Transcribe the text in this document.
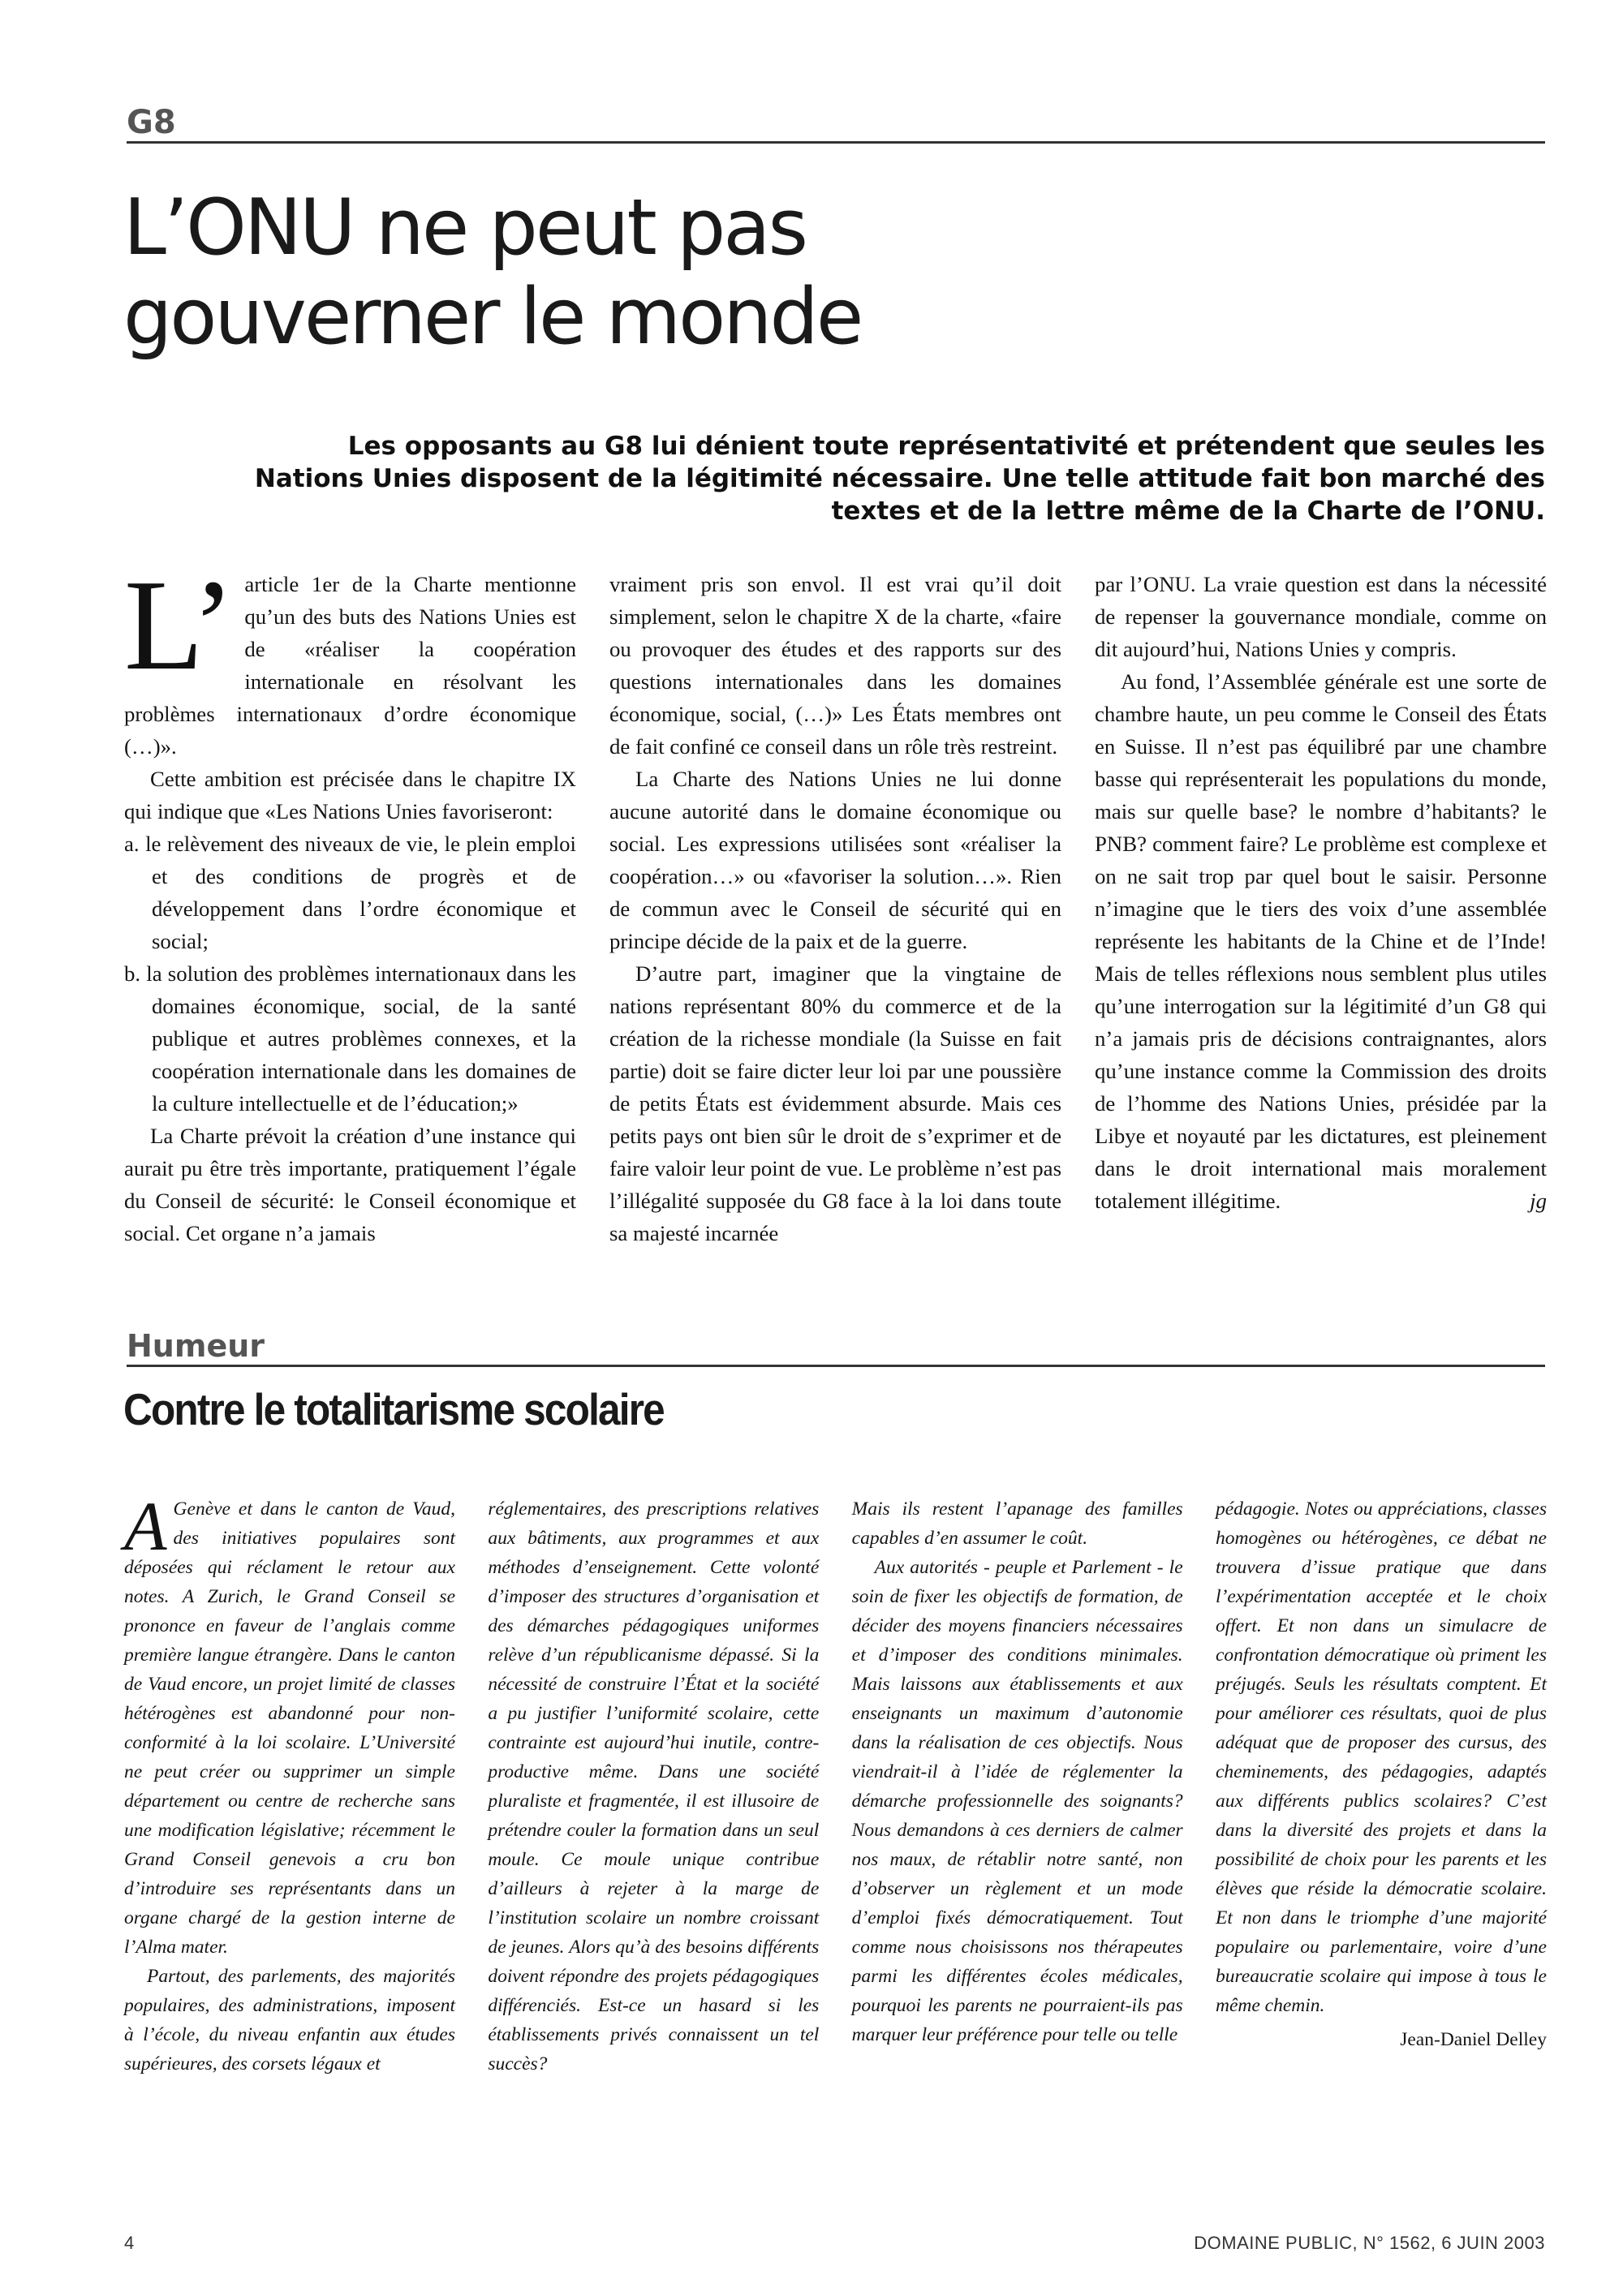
G8
L’ONU ne peut pas
gouverner le monde

Les opposants au G8 lui dénient toute représentativité et prétendent que seules les Nations Unies disposent de la légitimité nécessaire. Une telle attitude fait bon marché des textes et de la lettre même de la Charte de l’ONU.

L’ article 1er de la Charte mentionne qu’un des buts des Nations Unies est de «réaliser la coopération internationale en résolvant les problèmes internationaux d’ordre économique (…)».

Cette ambition est précisée dans le chapitre IX qui indique que «Les Nations Unies favoriseront:

a. le relèvement des niveaux de vie, le plein emploi et des conditions de progrès et de développement dans l’ordre économique et social;

b. la solution des problèmes internationaux dans les domaines économique, social, de la santé publique et autres problèmes connexes, et la coopération internationale dans les domaines de la culture intellectuelle et de l’éducation;»

La Charte prévoit la création d’une instance qui aurait pu être très importante, pratiquement l’égale du Conseil de sécurité: le Conseil économique et social. Cet organe n’a jamais

vraiment pris son envol. Il est vrai qu’il doit simplement, selon le chapitre X de la charte, «faire ou provoquer des études et des rapports sur des questions internationales dans les domaines économique, social, (…)» Les États membres ont de fait confiné ce conseil dans un rôle très restreint.

La Charte des Nations Unies ne lui donne aucune autorité dans le domaine économique ou social. Les expressions utilisées sont «réaliser la coopération…» ou «favoriser la solution…». Rien de commun avec le Conseil de sécurité qui en principe décide de la paix et de la guerre.

D’autre part, imaginer que la vingtaine de nations représentant 80% du commerce et de la création de la richesse mondiale (la Suisse en fait partie) doit se faire dicter leur loi par une poussière de petits États est évidemment absurde. Mais ces petits pays ont bien sûr le droit de s’exprimer et de faire valoir leur point de vue. Le problème n’est pas l’illégalité supposée du G8 face à la loi dans toute sa majesté incarnée

par l’ONU. La vraie question est dans la nécessité de repenser la gouvernance mondiale, comme on dit aujourd’hui, Nations Unies y compris.

Au fond, l’Assemblée générale est une sorte de chambre haute, un peu comme le Conseil des États en Suisse. Il n’est pas équilibré par une chambre basse qui représenterait les populations du monde, mais sur quelle base? le nombre d’habitants? le PNB? comment faire? Le problème est complexe et on ne sait trop par quel bout le saisir. Personne n’imagine que le tiers des voix d’une assemblée représente les habitants de la Chine et de l’Inde! Mais de telles réflexions nous semblent plus utiles qu’une interrogation sur la légitimité d’un G8 qui n’a jamais pris de décisions contraignantes, alors qu’une instance comme la Commission des droits de l’homme des Nations Unies, présidée par la Libye et noyauté par les dictatures, est pleinement dans le droit international mais moralement totalement illégitime.	jg

Humeur
Contre le totalitarisme scolaire

A Genève et dans le canton de Vaud, des initiatives populaires sont déposées qui réclament le retour aux notes. A Zurich, le Grand Conseil se prononce en faveur de l’anglais comme première langue étrangère. Dans le canton de Vaud encore, un projet limité de classes hétérogènes est abandonné pour non-conformité à la loi scolaire. L’Université ne peut créer ou supprimer un simple département ou centre de recherche sans une modification législative; récemment le Grand Conseil genevois a cru bon d’introduire ses représentants dans un organe chargé de la gestion interne de l’Alma mater.

Partout, des parlements, des majorités populaires, des administrations, imposent à l’école, du niveau enfantin aux études supérieures, des corsets légaux et

réglementaires, des prescriptions relatives aux bâtiments, aux programmes et aux méthodes d’enseignement. Cette volonté d’imposer des structures d’organisation et des démarches pédagogiques uniformes relève d’un républicanisme dépassé. Si la nécessité de construire l’État et la société a pu justifier l’uniformité scolaire, cette contrainte est aujourd’hui inutile, contre-productive même. Dans une société pluraliste et fragmentée, il est illusoire de prétendre couler la formation dans un seul moule. Ce moule unique contribue d’ailleurs à rejeter à la marge de l’institution scolaire un nombre croissant de jeunes. Alors qu’à des besoins différents doivent répondre des projets pédagogiques différenciés. Est-ce un hasard si les établissements privés connaissent un tel succès?

Mais ils restent l’apanage des familles capables d’en assumer le coût.

Aux autorités - peuple et Parlement - le soin de fixer les objectifs de formation, de décider des moyens financiers nécessaires et d’imposer des conditions minimales. Mais laissons aux établissements et aux enseignants un maximum d’autonomie dans la réalisation de ces objectifs. Nous viendrait-il à l’idée de réglementer la démarche professionnelle des soignants? Nous demandons à ces derniers de calmer nos maux, de rétablir notre santé, non d’observer un règlement et un mode d’emploi fixés démocratiquement. Tout comme nous choisissons nos thérapeutes parmi les différentes écoles médicales, pourquoi les parents ne pourraient-ils pas marquer leur préférence pour telle ou telle

pédagogie. Notes ou appréciations, classes homogènes ou hétérogènes, ce débat ne trouvera d’issue pratique que dans l’expérimentation acceptée et le choix offert. Et non dans un simulacre de confrontation démocratique où priment les préjugés. Seuls les résultats comptent. Et pour améliorer ces résultats, quoi de plus adéquat que de proposer des cursus, des cheminements, des pédagogies, adaptés aux différents publics scolaires? C’est dans la diversité des projets et dans la possibilité de choix pour les parents et les élèves que réside la démocratie scolaire. Et non dans le triomphe d’une majorité populaire ou parlementaire, voire d’une bureaucratie scolaire qui impose à tous le même chemin.

Jean-Daniel Delley

4	DOMAINE PUBLIC, N° 1562, 6 JUIN 2003
